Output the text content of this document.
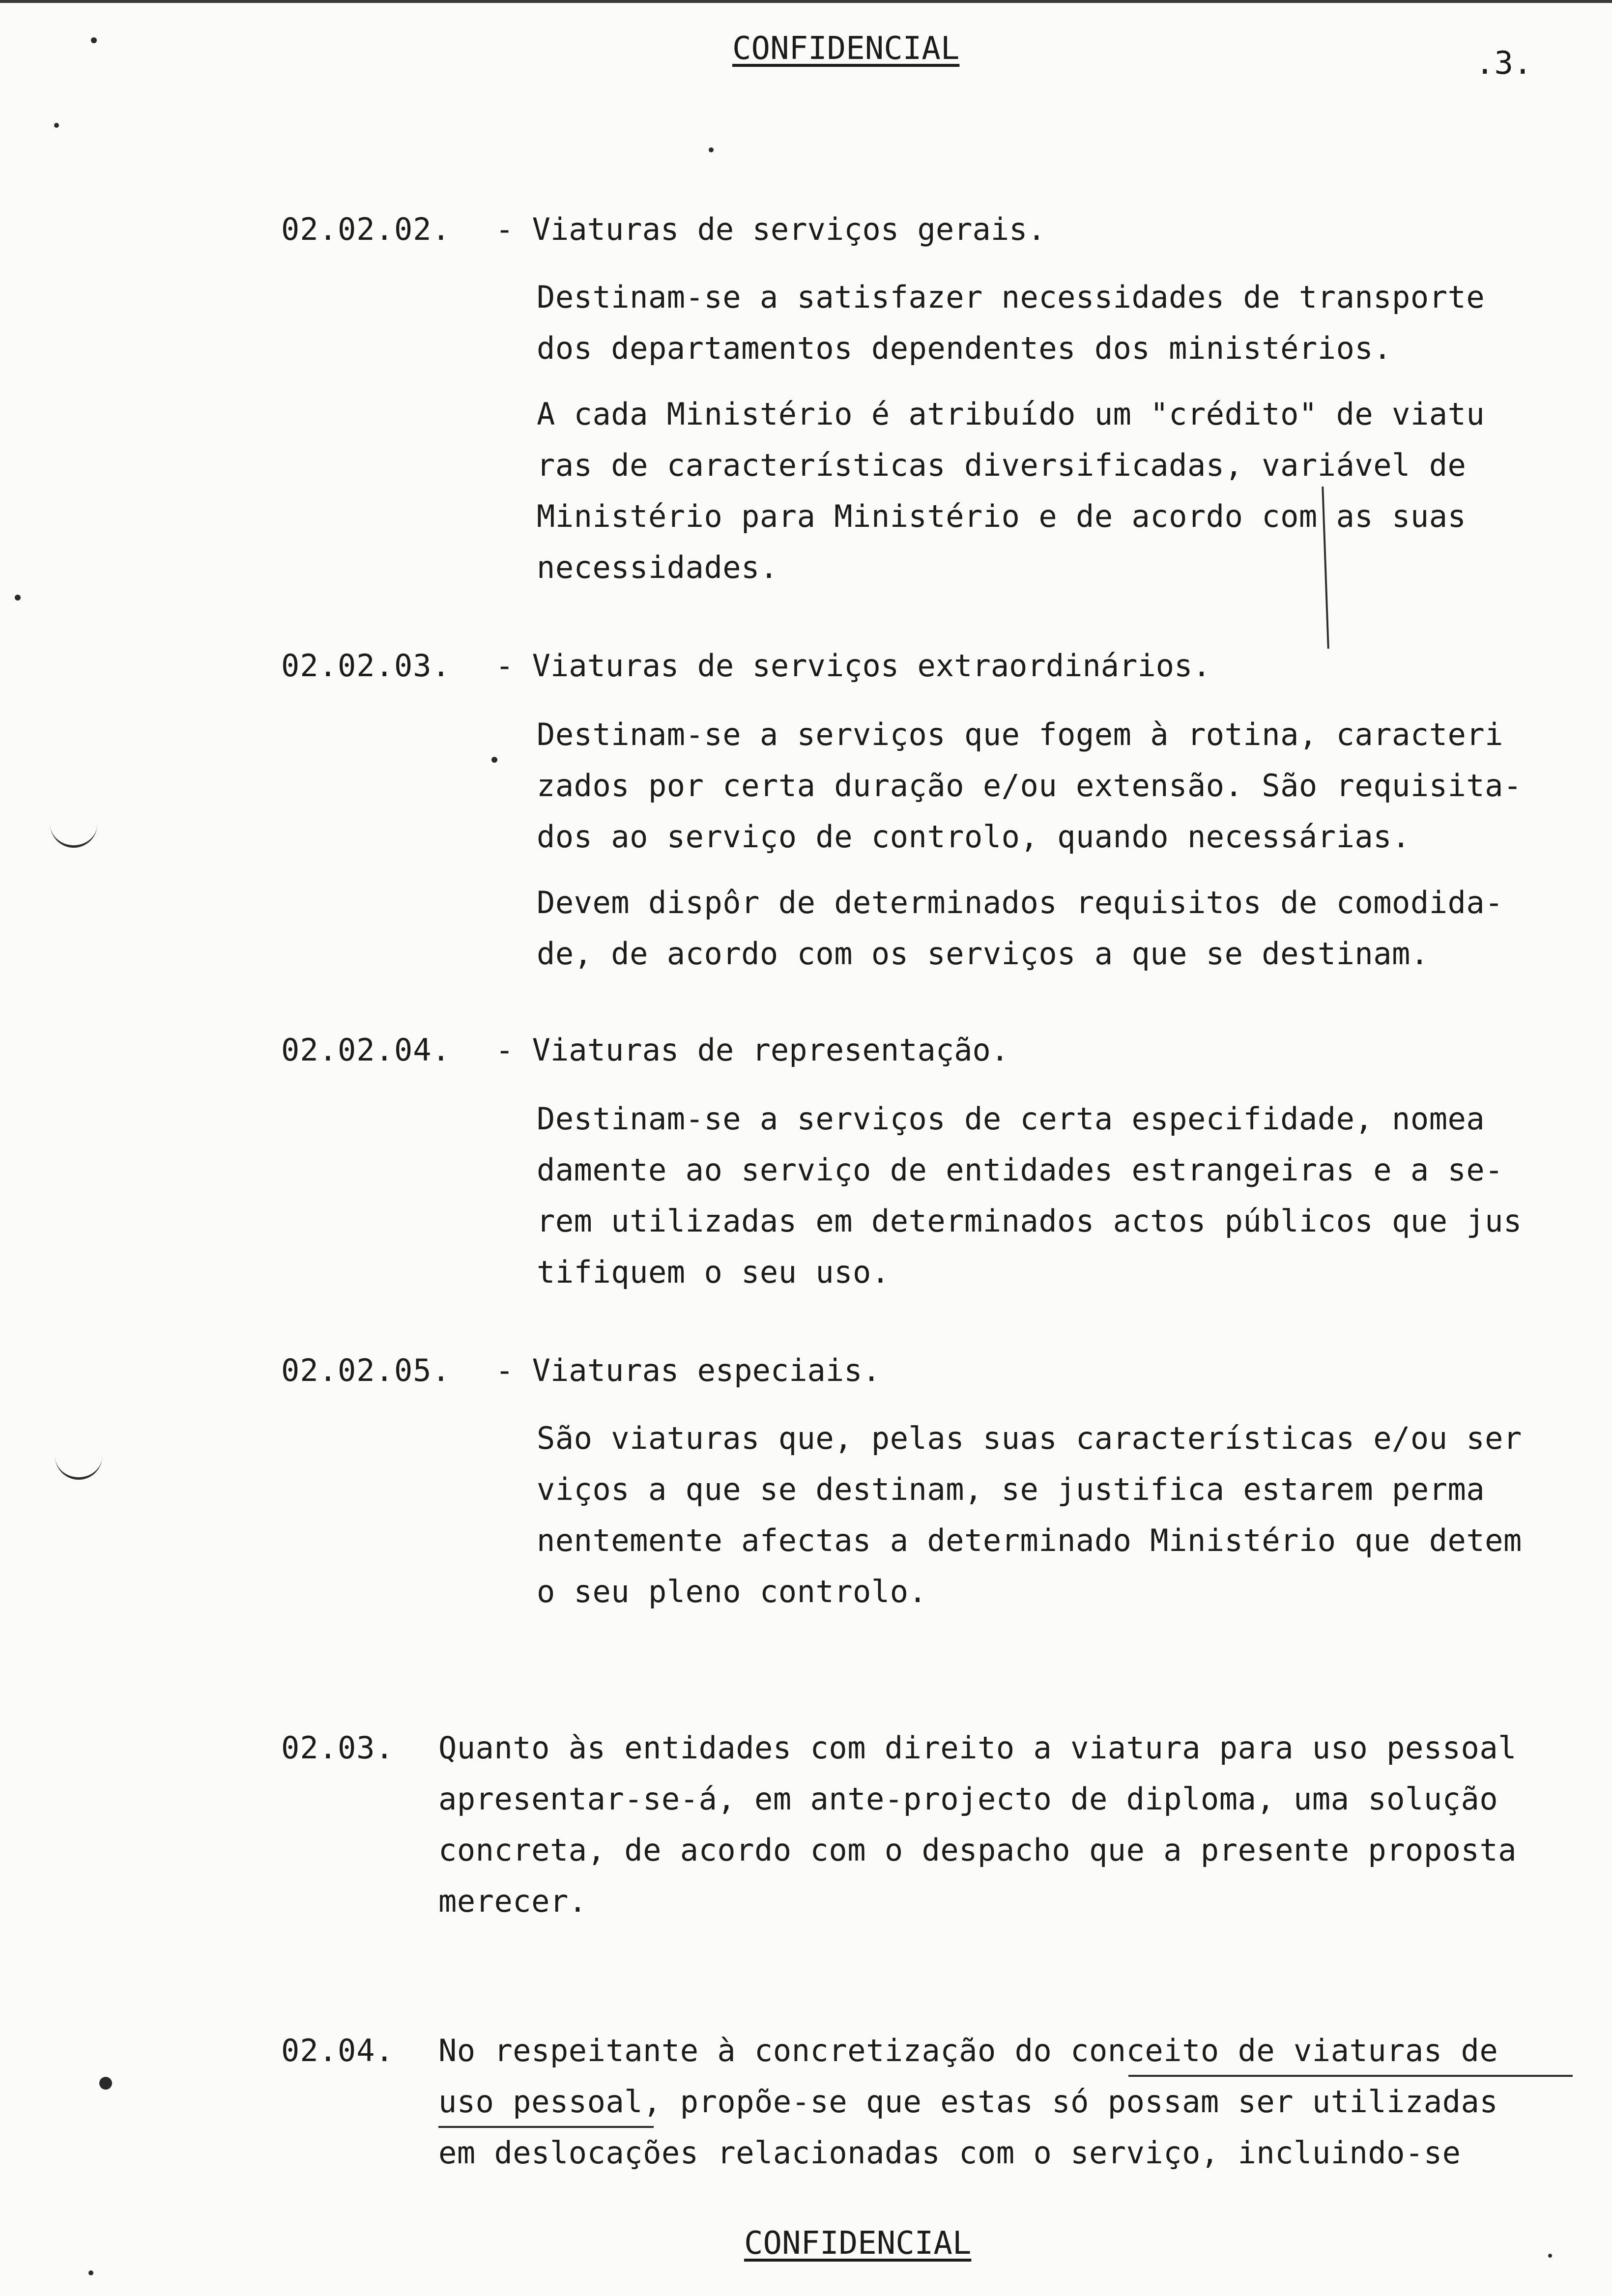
CONFIDENCIAL	.3.
02.02.02. - Viaturas de serviços gerais.
Destinam-se a satisfazer necessidades de transporte
dos departamentos dependentes dos ministérios.
A cada Ministério é atribuído um "crédito" de viatu
ras de características diversificadas, variável de
Ministério para Ministério e de acordo com as suas
necessidades.
02.02.03. - Viaturas de serviços extraordinários.
Destinam-se a serviços que fogem à rotina, caracteri
zados por certa duração e/ou extensão. São requisita-
dos ao serviço de controlo, quando necessárias.
Devem dispôr de determinados requisitos de comodida-
de, de acordo com os serviços a que se destinam.
02.02.04. - Viaturas de representação.
Destinam-se a serviços de certa especifidade, nomea
damente ao serviço de entidades estrangeiras e a se-
rem utilizadas em determinados actos públicos que jus
tifiquem o seu uso.
02.02.05. - Viaturas especiais.
São viaturas que, pelas suas características e/ou ser
viços a que se destinam, se justifica estarem perma
nentemente afectas a determinado Ministério que detem
o seu pleno controlo.
02.03. Quanto às entidades com direito a viatura para uso pessoal
apresentar-se-á, em ante-projecto de diploma, uma solução
concreta, de acordo com o despacho que a presente proposta
merecer.
02.04. No respeitante à concretização do conceito de viaturas de
uso pessoal, propõe-se que estas só possam ser utilizadas
em deslocações relacionadas com o serviço, incluindo-se
CONFIDENCIAL
